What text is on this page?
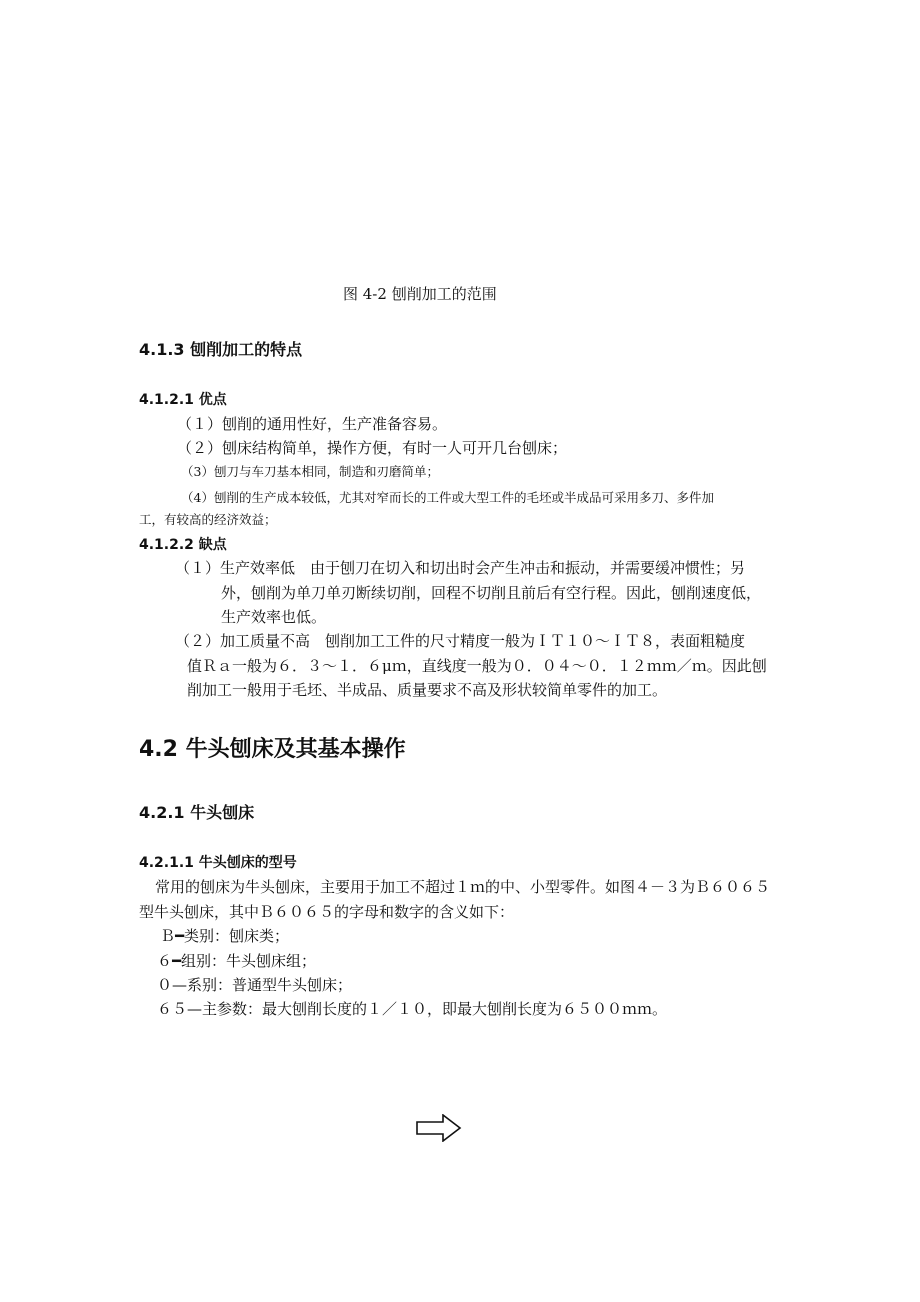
图 4-2 刨削加工的范围
4.1.3 刨削加工的特点
4.1.2.1 优点
（１）刨削的通用性好，生产准备容易。
（２）刨床结构简单，操作方便，有时一人可开几台刨床；
（3）刨刀与车刀基本相同，制造和刃磨简单；
（4）刨削的生产成本较低，尤其对窄而长的工件或大型工件的毛坯或半成品可采用多刀、多件加
工，有较高的经济效益；
4.1.2.2 缺点
（１）生产效率低　由于刨刀在切入和切出时会产生冲击和振动，并需要缓冲惯性；另
外，刨削为单刀单刃断续切削，回程不切削且前后有空行程。因此，刨削速度低，
生产效率也低。
（２）加工质量不高　刨削加工工件的尺寸精度一般为ＩＴ１０～ＩＴ８，表面粗糙度
值Ｒａ一般为６．３～１．６μｍ，直线度一般为０．０４～０．１２ｍｍ／ｍ。因此刨
削加工一般用于毛坯、半成品、质量要求不高及形状较简单零件的加工。
4.2 牛头刨床及其基本操作
4.2.1 牛头刨床
4.2.1.1 牛头刨床的型号
常用的刨床为牛头刨床，主要用于加工不超过１ｍ的中、小型零件。如图４－３为Ｂ６０６５
型牛头刨床，其中Ｂ６０６５的字母和数字的含义如下：
Ｂ━类别：刨床类；
６━组别：牛头刨床组；
０—系别：普通型牛头刨床；
６５—主参数：最大刨削长度的１／１０，即最大刨削长度为６５００ｍｍ。
